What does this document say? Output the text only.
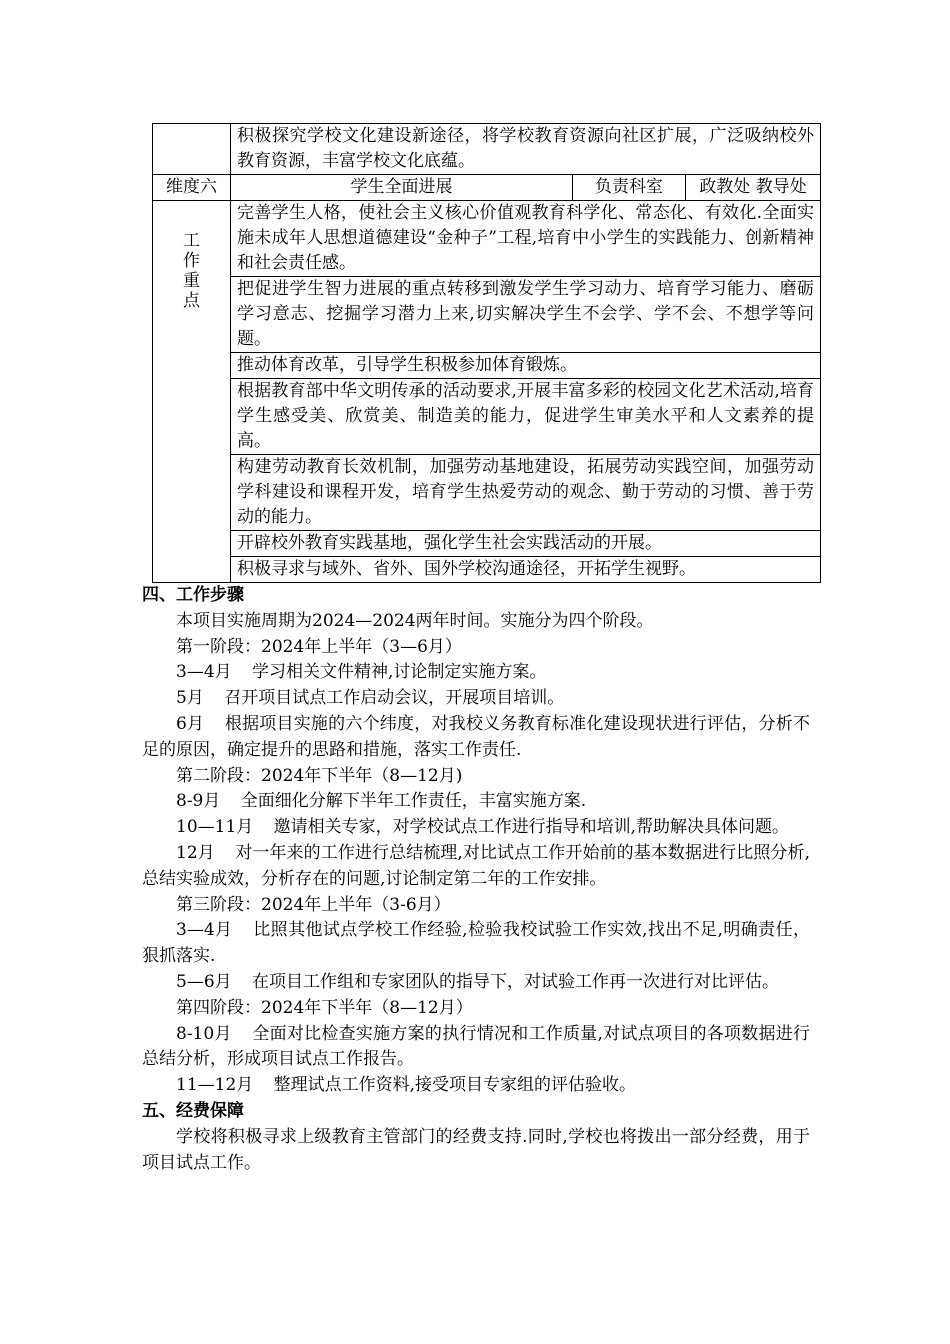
	积极探究学校文化建设新途径，将学校教育资源向社区扩展，广泛吸纳校外教育资源，丰富学校文化底蕴。		
维度六	学生全面进展	负责科室	政教处 教导处

工作重点	完善学生人格，使社会主义核心价值观教育科学化、常态化、有效化.全面实施未成年人思想道德建设“金种子”工程,培育中小学生的实践能力、创新精神和社会责任感。		
	把促进学生智力进展的重点转移到激发学生学习动力、培育学习能力、磨砺学习意志、挖掘学习潜力上来,切实解决学生不会学、学不会、不想学等问题。		
	推动体育改革，引导学生积极参加体育锻炼。		
	根据教育部中华文明传承的活动要求,开展丰富多彩的校园文化艺术活动,培育学生感受美、欣赏美、制造美的能力，促进学生审美水平和人文素养的提高。		
	构建劳动教育长效机制，加强劳动基地建设，拓展劳动实践空间，加强劳动学科建设和课程开发，培育学生热爱劳动的观念、勤于劳动的习惯、善于劳动的能力。		
	开辟校外教育实践基地，强化学生社会实践活动的开展。		
	积极寻求与域外、省外、国外学校沟通途径，开拓学生视野。		
四、工作步骤

本项目实施周期为2024—2024两年时间。实施分为四个阶段。

第一阶段：2024年上半年（3—6月）

3—4月 学习相关文件精神,讨论制定实施方案。

5月 召开项目试点工作启动会议，开展项目培训。

6月 根据项目实施的六个纬度，对我校义务教育标准化建设现状进行评估，分析不足的原因，确定提升的思路和措施，落实工作责任.

第二阶段：2024年下半年（8—12月)

8-9月 全面细化分解下半年工作责任，丰富实施方案.

10—11月 邀请相关专家，对学校试点工作进行指导和培训,帮助解决具体问题。

12月 对一年来的工作进行总结梳理,对比试点工作开始前的基本数据进行比照分析,总结实验成效，分析存在的问题,讨论制定第二年的工作安排。

第三阶段：2024年上半年（3-6月）

3—4月 比照其他试点学校工作经验,检验我校试验工作实效,找出不足,明确责任，狠抓落实.

5—6月 在项目工作组和专家团队的指导下，对试验工作再一次进行对比评估。

第四阶段：2024年下半年（8—12月）

8-10月 全面对比检查实施方案的执行情况和工作质量,对试点项目的各项数据进行总结分析，形成项目试点工作报告。

11—12月 整理试点工作资料,接受项目专家组的评估验收。

五、经费保障

学校将积极寻求上级教育主管部门的经费支持.同时,学校也将拨出一部分经费，用于项目试点工作。
